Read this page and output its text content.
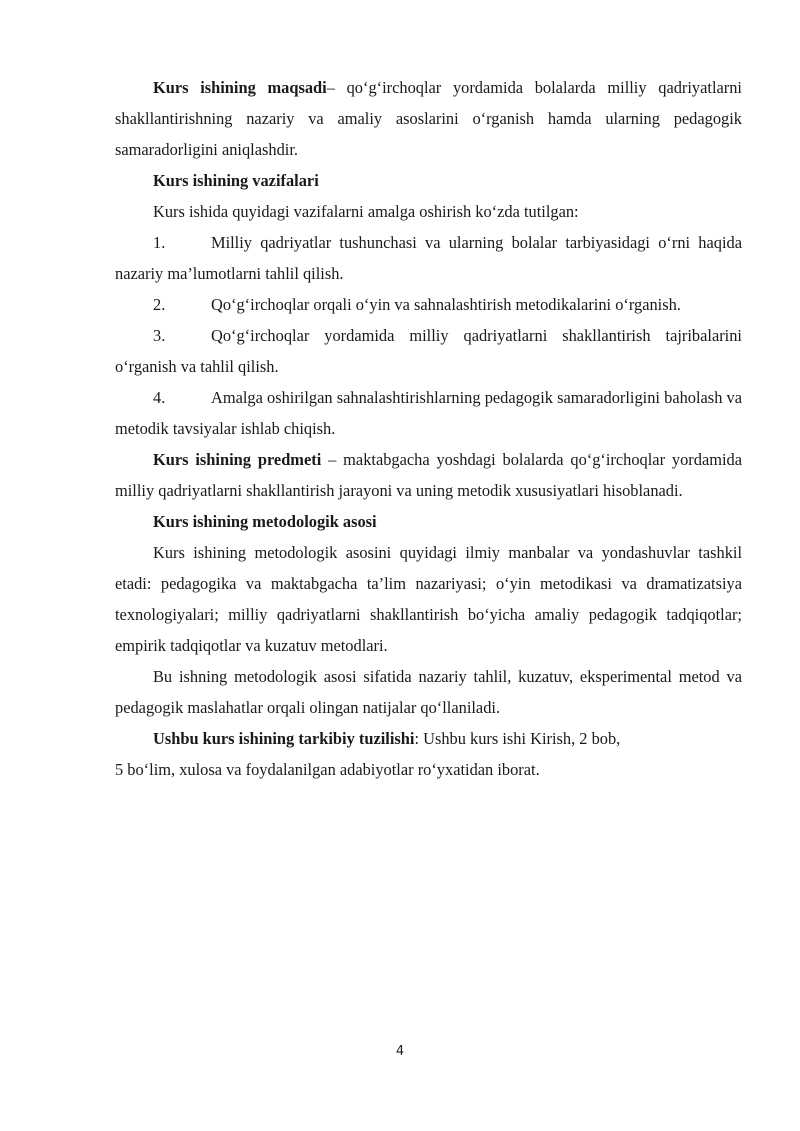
Kurs ishining maqsadi– qo‘g‘irchoqlar yordamida bolalarda milliy qadriyatlarni shakllantirishning nazariy va amaliy asoslarini o‘rganish hamda ularning pedagogik samaradorligini aniqlashdir.

Kurs ishining vazifalari

Kurs ishida quyidagi vazifalarni amalga oshirish ko‘zda tutilgan:

1.	Milliy qadriyatlar tushunchasi va ularning bolalar tarbiyasidagi o‘rni haqida nazariy ma’lumotlarni tahlil qilish.

2.	Qo‘g‘irchoqlar orqali o‘yin va sahnalashtirish metodikalarini o‘rganish.

3.	Qo‘g‘irchoqlar yordamida milliy qadriyatlarni shakllantirish tajribalarini o‘rganish va tahlil qilish.

4.	Amalga oshirilgan sahnalashtirishlarning pedagogik samaradorligini baholash va metodik tavsiyalar ishlab chiqish.

Kurs ishining predmeti – maktabgacha yoshdagi bolalarda qo‘g‘irchoqlar yordamida milliy qadriyatlarni shakllantirish jarayoni va uning metodik xususiyatlari hisoblanadi.

Kurs ishining metodologik asosi

Kurs ishining metodologik asosini quyidagi ilmiy manbalar va yondashuvlar tashkil etadi: pedagogika va maktabgacha ta’lim nazariyasi; o‘yin metodikasi va dramatizatsiya texnologiyalari; milliy qadriyatlarni shakllantirish bo‘yicha amaliy pedagogik tadqiqotlar; empirik tadqiqotlar va kuzatuv metodlari.

Bu ishning metodologik asosi sifatida nazariy tahlil, kuzatuv, eksperimental metod va pedagogik maslahatlar orqali olingan natijalar qo‘llaniladi.

Ushbu kurs ishining tarkibiy tuzilishi: Ushbu kurs ishi Kirish, 2 bob,

5 bo‘lim, xulosa va foydalanilgan adabiyotlar ro‘yxatidan iborat.

4
